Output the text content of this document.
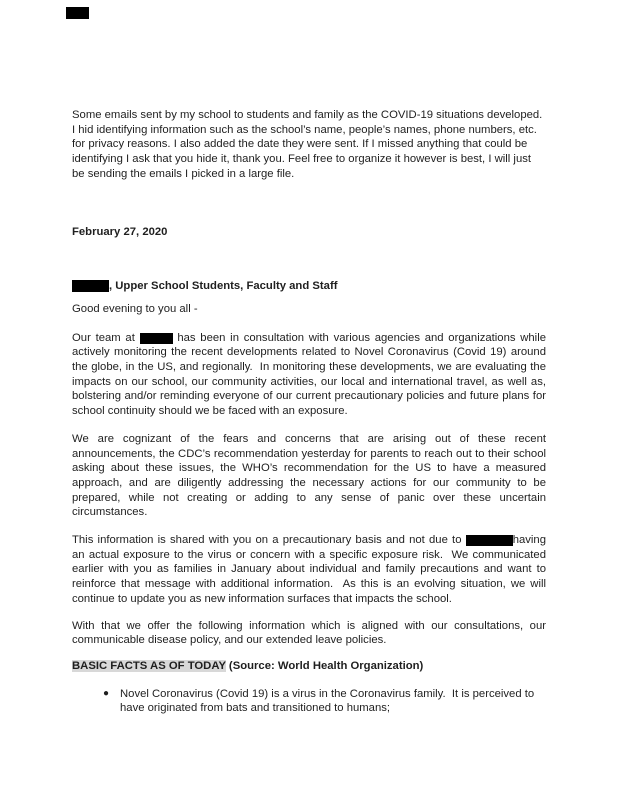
Some emails sent by my school to students and family as the COVID-19 situations developed. I hid identifying information such as the school’s name, people’s names, phone numbers, etc. for privacy reasons. I also added the date they were sent. If I missed anything that could be identifying I ask that you hide it, thank you. Feel free to organize it however is best, I will just be sending the emails I picked in a large file.

February 27, 2020

, Upper School Students, Faculty and Staff

Good evening to you all -

Our team at	has been in consultation with various agencies and organizations while actively monitoring the recent developments related to Novel Coronavirus (Covid 19) around the globe, in the US, and regionally.  In monitoring these developments, we are evaluating the impacts on our school, our community activities, our local and international travel, as well as, bolstering and/or reminding everyone of our current precautionary policies and future plans for school continuity should we be faced with an exposure.

We are cognizant of the fears and concerns that are arising out of these recent announcements, the CDC’s recommendation yesterday for parents to reach out to their school asking about these issues, the WHO’s recommendation for the US to have a measured approach, and are diligently addressing the necessary actions for our community to be prepared, while not creating or adding to any sense of panic over these uncertain circumstances.

This information is shared with you on a precautionary basis and not due to	having an actual exposure to the virus or concern with a specific exposure risk.  We communicated earlier with you as families in January about individual and family precautions and want to reinforce that message with additional information.  As this is an evolving situation, we will continue to update you as new information surfaces that impacts the school.

With that we offer the following information which is aligned with our consultations, our communicable disease policy, and our extended leave policies.

BASIC FACTS AS OF TODAY (Source: World Health Organization)

● Novel Coronavirus (Covid 19) is a virus in the Coronavirus family.  It is perceived to have originated from bats and transitioned to humans;
